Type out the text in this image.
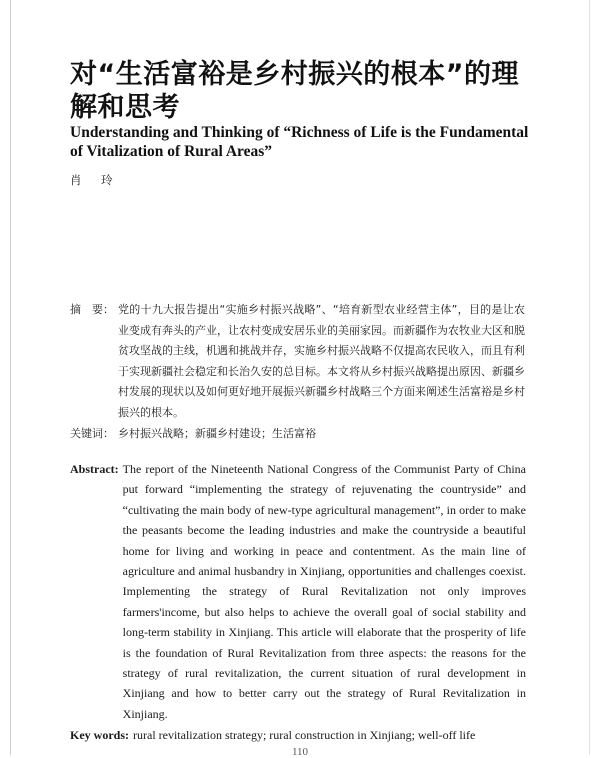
对“生活富裕是乡村振兴的根本”的理解和思考
Understanding and Thinking of “Richness of Life is the Fundamental of Vitalization of Rural Areas”
肖 玲
摘　要： 党的十九大报告提出“实施乡村振兴战略”、“培育新型农业经营主体”，目的是让农业变成有奔头的产业，让农村变成安居乐业的美丽家园。而新疆作为农牧业大区和脱贫攻坚战的主线，机遇和挑战并存，实施乡村振兴战略不仅提高农民收入，而且有利于实现新疆社会稳定和长治久安的总目标。本文将从乡村振兴战略提出原因、新疆乡村发展的现状以及如何更好地开展振兴新疆乡村战略三个方面来阐述生活富裕是乡村振兴的根本。
关键词： 乡村振兴战略；新疆乡村建设；生活富裕
Abstract: The report of the Nineteenth National Congress of the Communist Party of China put forward “implementing the strategy of rejuvenating the countryside” and “cultivating the main body of new-type agricultural management”, in order to make the peasants become the leading industries and make the countryside a beautiful home for living and working in peace and contentment. As the main line of agriculture and animal husbandry in Xinjiang, opportunities and challenges coexist. Implementing the strategy of Rural Revitalization not only improves farmers'income, but also helps to achieve the overall goal of social stability and long-term stability in Xinjiang. This article will elaborate that the prosperity of life is the foundation of Rural Revitalization from three aspects: the reasons for the strategy of rural revitalization, the current situation of rural development in Xinjiang and how to better carry out the strategy of Rural Revitalization in Xinjiang.
Key words: rural revitalization strategy; rural construction in Xinjiang; well-off life
110
